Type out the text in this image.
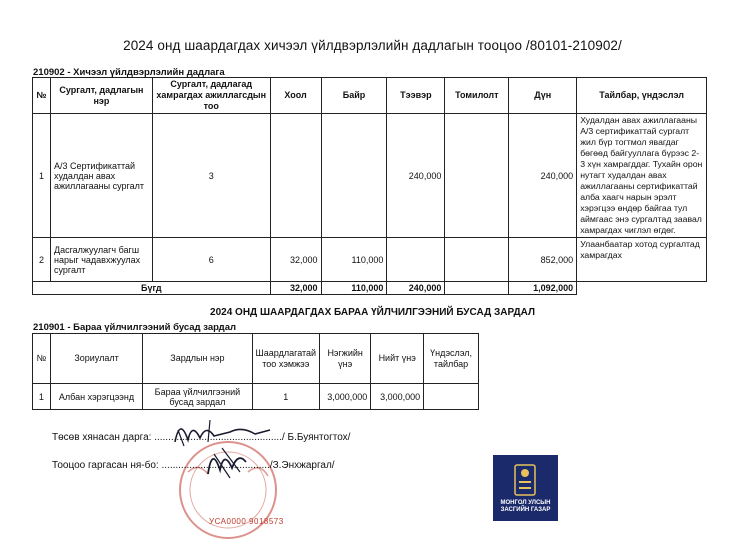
2024 онд шаардагдах хичээл үйлдвэрлэлийн дадлагын тооцоо /80101-210902/
210902 - Хичээл үйлдвэрлэлийн дадлага
№	Сургалт, дадлагын нэр	Сургалт, дадлагад хамрагдах ажиллагсдын тоо	Хоол	Байр	Тээвэр	Томилолт	Дүн	Тайлбар, үндэслэл
1	А/3 Сертификаттай худалдан авах ажиллагааны сургалт	3			240,000		240,000	Худалдан авах ажиллагааны А/3 сертификаттай сургалт жил бүр тогтмол явагдаг бөгөөд байгууллага бүрээс 2-3 хүн хамрагддаг. Тухайн орон нутагт худалдан авах ажиллагааны сертификаттай алба хаагч нарын эрэлт хэрэгцээ өндөр байгаа тул аймгаас энэ сургалтад заавал хамрагдах чиглэл өгдөг.
2	Дасгалжуулагч багш нарыг чадавхжуулах сургалт	6	32,000	110,000			852,000	Улаанбаатар хотод сургалтад хамрагдах
Бүгд			32,000	110,000	240,000		1,092,000	
2024 ОНД ШААРДАГДАХ БАРАА ҮЙЛЧИЛГЭЭНИЙ БУСАД ЗАРДАЛ
210901 - Бараа үйлчилгээний бусад зардал
№	Зориулалт	Зардлын нэр	Шаардлагатай тоо хэмжээ	Нэгжийн үнэ	Нийт үнэ	Үндэслэл, тайлбар
1	Албан хэрэгцээнд	Бараа үйлчилгээний бусад зардал	1	3,000,000	3,000,000	
Төсөв хянасан дарга: ............................................../ Б.Буянтогтох/
Тооцоо гаргасан ня-бо: ......................................./З.Энхжаргал/
УСА0000 9018573
МОНГОЛ УЛСЫН
ЗАСГИЙН ГАЗАР
